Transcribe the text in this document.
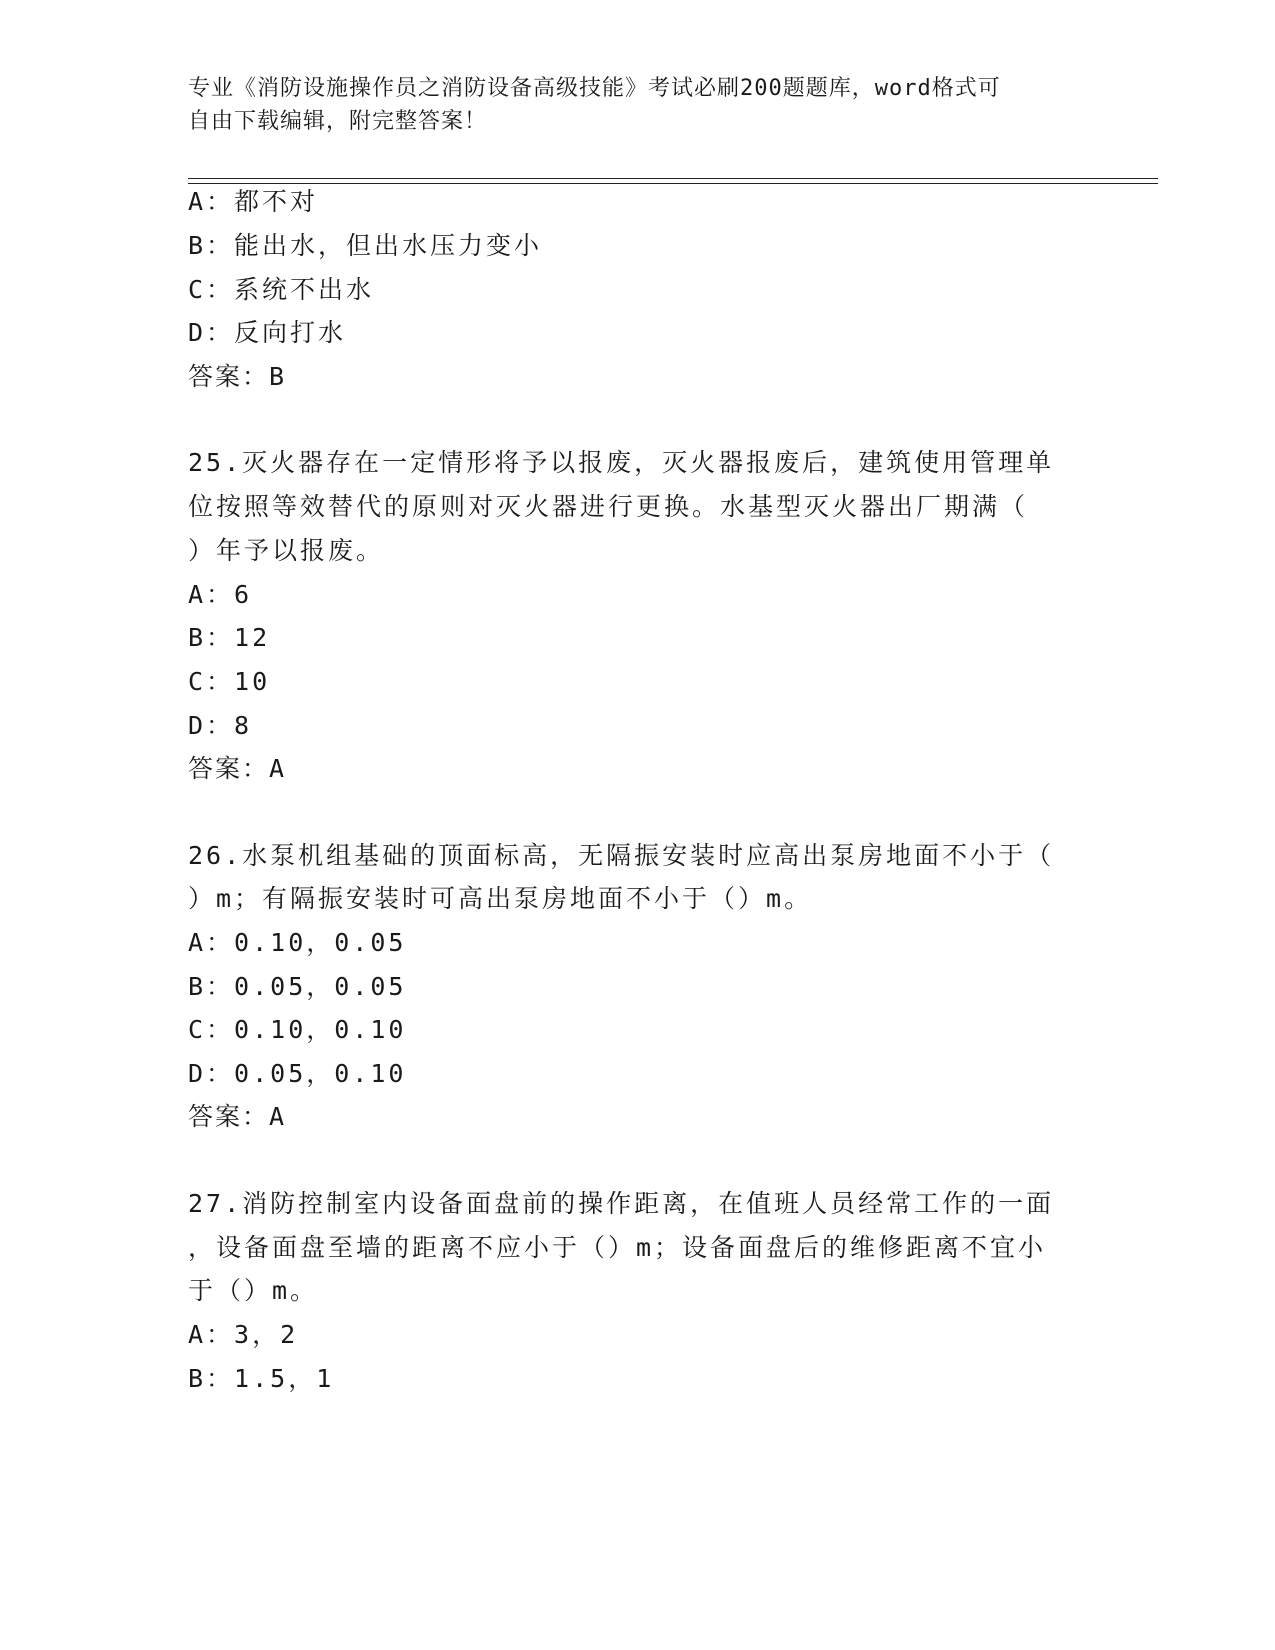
专业《消防设施操作员之消防设备高级技能》考试必刷200题题库，word格式可
自由下载编辑，附完整答案！

A：都不对

B：能出水，但出水压力变小

C：系统不出水

D：反向打水

答案：B

25.灭火器存在一定情形将予以报废，灭火器报废后，建筑使用管理单

位按照等效替代的原则对灭火器进行更换。水基型灭火器出厂期满（

）年予以报废。

A：6

B：12

C：10

D：8

答案：A

26.水泵机组基础的顶面标高，无隔振安装时应高出泵房地面不小于（

）m；有隔振安装时可高出泵房地面不小于（）m。

A：0.10，0.05

B：0.05，0.05

C：0.10，0.10

D：0.05，0.10

答案：A

27.消防控制室内设备面盘前的操作距离，在值班人员经常工作的一面

，设备面盘至墙的距离不应小于（）m；设备面盘后的维修距离不宜小

于（）m。

A：3，2

B：1.5，1
